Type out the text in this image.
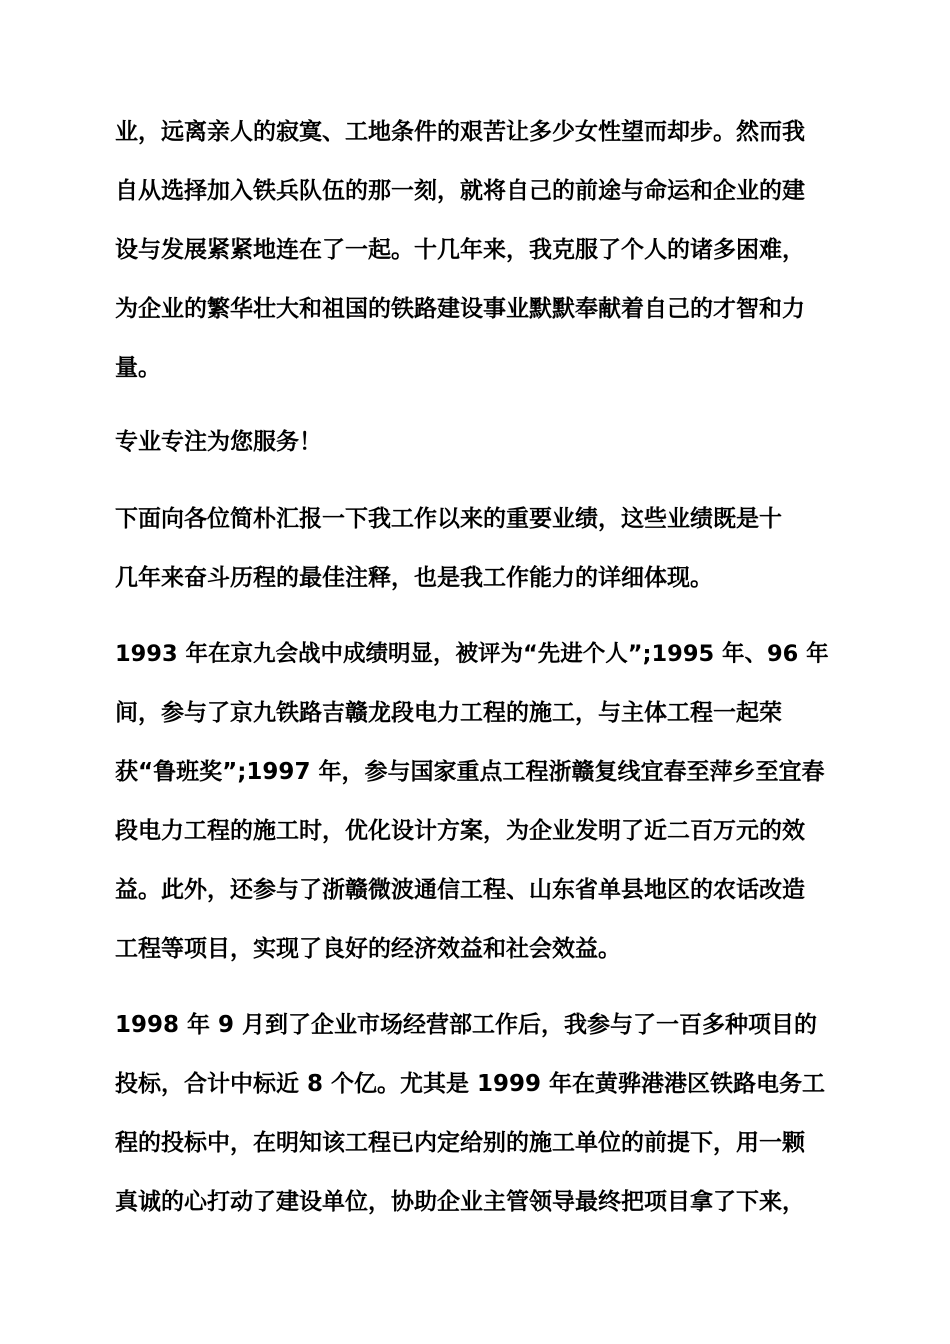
业，远离亲人的寂寞、工地条件的艰苦让多少女性望而却步。然而我
自从选择加入铁兵队伍的那一刻，就将自己的前途与命运和企业的建
设与发展紧紧地连在了一起。十几年来，我克服了个人的诸多困难，
为企业的繁华壮大和祖国的铁路建设事业默默奉献着自己的才智和力
量。
专业专注为您服务！
下面向各位简朴汇报一下我工作以来的重要业绩，这些业绩既是十
几年来奋斗历程的最佳注释，也是我工作能力的详细体现。
1993 年在京九会战中成绩明显，被评为“先进个人”;1995 年、96 年
间，参与了京九铁路吉赣龙段电力工程的施工，与主体工程一起荣
获“鲁班奖”;1997 年，参与国家重点工程浙赣复线宜春至萍乡至宜春
段电力工程的施工时，优化设计方案，为企业发明了近二百万元的效
益。此外，还参与了浙赣微波通信工程、山东省单县地区的农话改造
工程等项目，实现了良好的经济效益和社会效益。
1998 年 9 月到了企业市场经营部工作后，我参与了一百多种项目的
投标，合计中标近 8 个亿。尤其是 1999 年在黄骅港港区铁路电务工
程的投标中，在明知该工程已内定给别的施工单位的前提下，用一颗
真诚的心打动了建设单位，协助企业主管领导最终把项目拿了下来，
